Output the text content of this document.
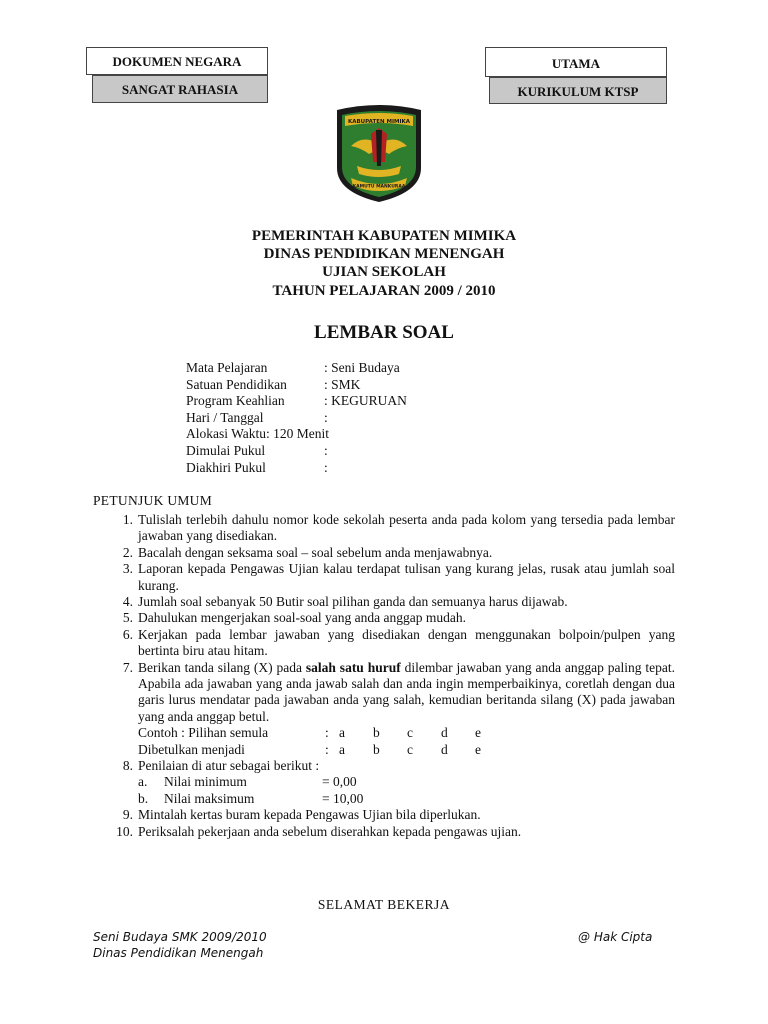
DOKUMEN NEGARA
SANGAT RAHASIA
UTAMA
KURIKULUM KTSP
KABUPATEN MIMIKA
KAMUTU MANKURAA
PEMERINTAH KABUPATEN MIMIKA
DINAS PENDIDIKAN MENENGAH
UJIAN SEKOLAH
TAHUN PELAJARAN 2009 / 2010
LEMBAR SOAL
Mata Pelajaran	: Seni Budaya
Satuan Pendidikan	: SMK
Program Keahlian	: KEGURUAN
Hari / Tanggal	:
Alokasi Waktu: 120 Menit
Dimulai Pukul	:
Diakhiri Pukul	:
PETUNJUK UMUM
1. Tulislah terlebih dahulu nomor kode sekolah peserta anda pada kolom yang tersedia pada lembar jawaban yang disediakan.
2. Bacalah dengan seksama soal – soal sebelum anda menjawabnya.
3. Laporan kepada Pengawas Ujian kalau terdapat tulisan yang kurang jelas, rusak atau jumlah soal kurang.
4. Jumlah soal sebanyak 50 Butir soal pilihan ganda dan semuanya harus dijawab.
5. Dahulukan mengerjakan soal-soal yang anda anggap mudah.
6. Kerjakan pada lembar jawaban yang disediakan dengan menggunakan bolpoin/pulpen yang bertinta biru atau hitam.
7. Berikan tanda silang (X) pada salah satu huruf dilembar jawaban yang anda anggap paling tepat. Apabila ada jawaban yang anda jawab salah dan anda ingin memperbaikinya, coretlah dengan dua garis lurus mendatar pada jawaban anda yang salah, kemudian beritanda silang (X) pada jawaban yang anda anggap betul.
Contoh : Pilihan semula	: a b c d e
Dibetulkan menjadi	: a b c d e
8. Penilaian di atur sebagai berikut :
a. Nilai minimum	= 0,00
b. Nilai maksimum	= 10,00
9. Mintalah kertas buram kepada Pengawas Ujian bila diperlukan.
10. Periksalah pekerjaan anda sebelum diserahkan kepada pengawas ujian.
SELAMAT BEKERJA
Seni Budaya SMK 2009/2010
Dinas Pendidikan Menengah
@ Hak Cipta
